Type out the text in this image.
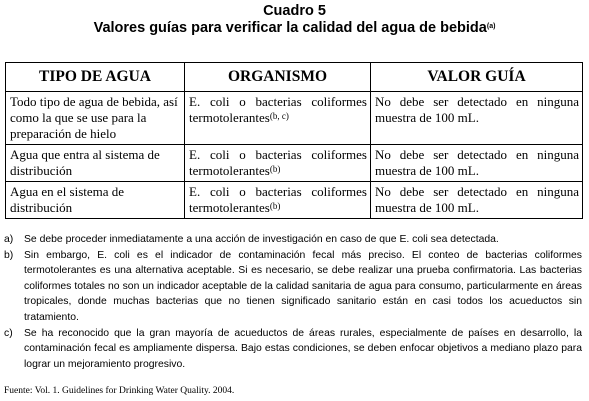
Cuadro 5
Valores guías para verificar la calidad del agua de bebida$^{(a)}$
TIPO DE AGUA	ORGANISMO	VALOR GUÍA
Todo tipo de agua de bebida, así como la que se use para la preparación de hielo	E. coli o bacterias coliformes termotolerantes$^{(b, c)}$	No debe ser detectado en ninguna muestra de 100 mL.
Agua que entra al sistema de distribución	E. coli o bacterias coliformes termotolerantes$^{(b)}$	No debe ser detectado en ninguna muestra de 100 mL.
Agua en el sistema de distribución	E. coli o bacterias coliformes termotolerantes$^{(b)}$	No debe ser detectado en ninguna muestra de 100 mL.
a)	Se debe proceder inmediatamente a una acción de investigación en caso de que E. coli sea detectada.
b)	Sin embargo, E. coli es el indicador de contaminación fecal más preciso. El conteo de bacterias coliformes termotolerantes es una alternativa aceptable. Si es necesario, se debe realizar una prueba confirmatoria. Las bacterias coliformes totales no son un indicador aceptable de la calidad sanitaria de agua para consumo, particularmente en áreas tropicales, donde muchas bacterias que no tienen significado sanitario están en casi todos los acueductos sin tratamiento.
c)	Se ha reconocido que la gran mayoría de acueductos de áreas rurales, especialmente de países en desarrollo, la contaminación fecal es ampliamente dispersa. Bajo estas condiciones, se deben enfocar objetivos a mediano plazo para lograr un mejoramiento progresivo.
Fuente: Vol. 1. Guidelines for Drinking Water Quality. 2004.
